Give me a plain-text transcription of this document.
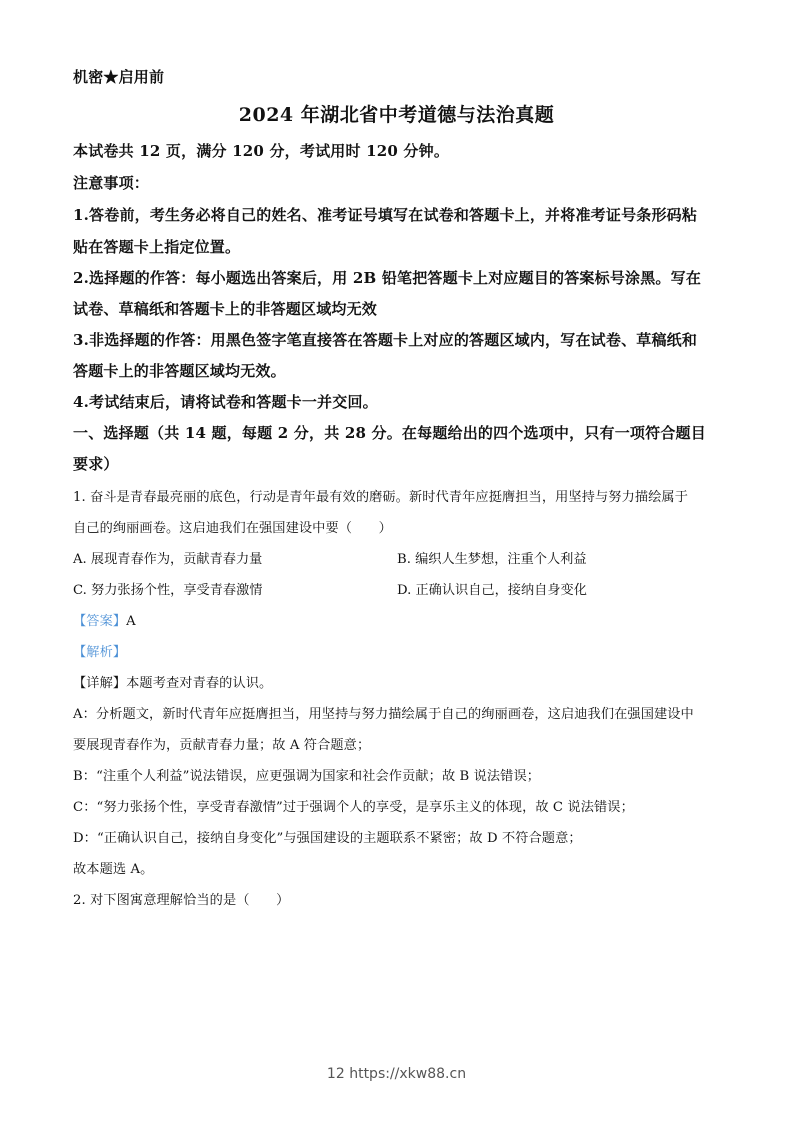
机密★启用前
2024 年湖北省中考道德与法治真题
本试卷共 12 页，满分 120 分，考试用时 120 分钟。
注意事项：
1.答卷前，考生务必将自己的姓名、准考证号填写在试卷和答题卡上，并将准考证号条形码粘
贴在答题卡上指定位置。
2.选择题的作答：每小题选出答案后，用 2B 铅笔把答题卡上对应题目的答案标号涂黑。写在
试卷、草稿纸和答题卡上的非答题区域均无效
3.非选择题的作答：用黑色签字笔直接答在答题卡上对应的答题区域内，写在试卷、草稿纸和
答题卡上的非答题区域均无效。
4.考试结束后，请将试卷和答题卡一并交回。
一、选择题（共 14 题，每题 2 分，共 28 分。在每题给出的四个选项中，只有一项符合题目
要求）
1. 奋斗是青春最亮丽的底色，行动是青年最有效的磨砺。新时代青年应挺膺担当，用坚持与努力描绘属于
自己的绚丽画卷。这启迪我们在强国建设中要（　　）
A. 展现青春作为，贡献青春力量	B. 编织人生梦想，注重个人利益
C. 努力张扬个性，享受青春激情	D. 正确认识自己，接纳自身变化
【答案】A
【解析】
【详解】本题考查对青春的认识。
A：分析题文，新时代青年应挺膺担当，用坚持与努力描绘属于自己的绚丽画卷，这启迪我们在强国建设中
要展现青春作为，贡献青春力量；故 A 符合题意；
B：“注重个人利益”说法错误，应更强调为国家和社会作贡献；故 B 说法错误；
C：“努力张扬个性，享受青春激情”过于强调个人的享受，是享乐主义的体现，故 C 说法错误；
D：“正确认识自己，接纳自身变化”与强国建设的主题联系不紧密；故 D 不符合题意；
故本题选 A。
2. 对下图寓意理解恰当的是（　　）
12 https://xkw88.cn
